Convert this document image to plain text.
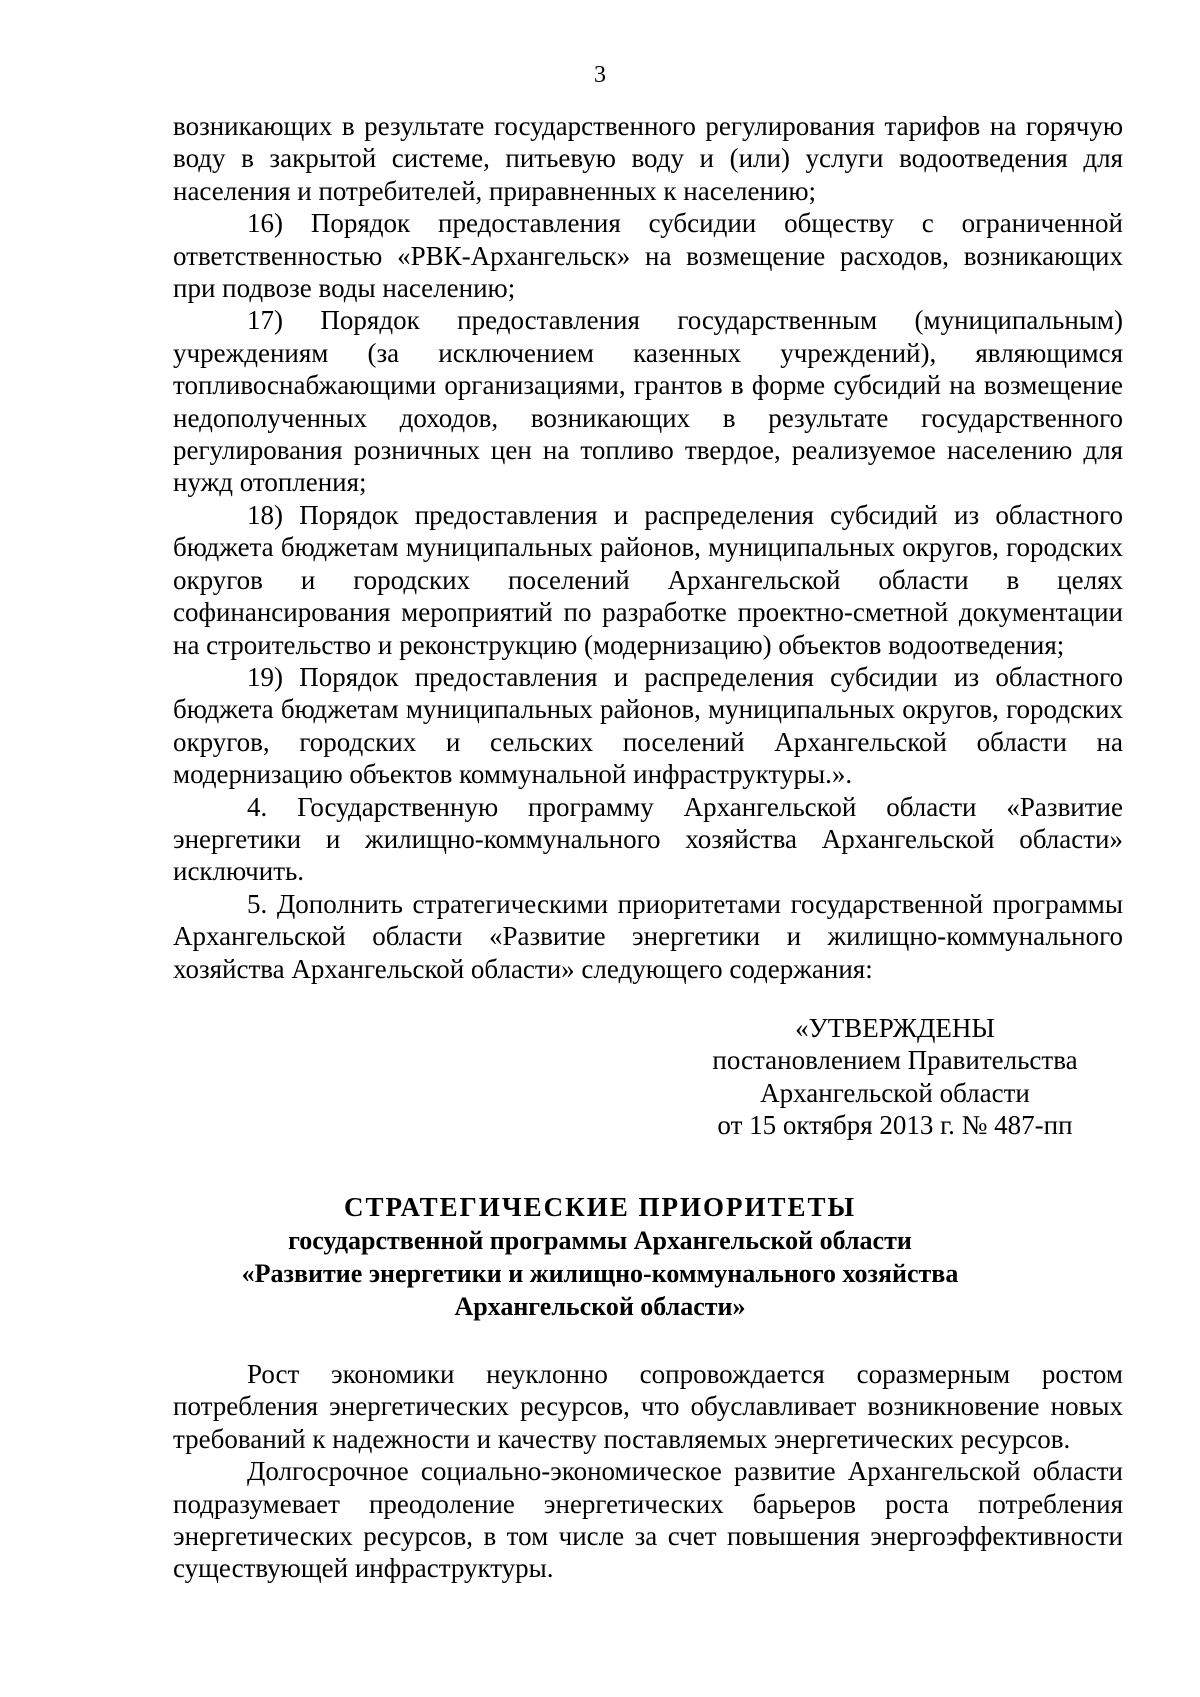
3

возникающих в результате государственного регулирования тарифов на горячую воду в закрытой системе, питьевую воду и (или) услуги водоотведения для населения и потребителей, приравненных к населению;

16) Порядок предоставления субсидии обществу с ограниченной ответственностью «РВК-Архангельск» на возмещение расходов, возникающих при подвозе воды населению;

17) Порядок предоставления государственным (муниципальным) учреждениям (за исключением казенных учреждений), являющимся топливоснабжающими организациями, грантов в форме субсидий на возмещение недополученных доходов, возникающих в результате государственного регулирования розничных цен на топливо твердое, реализуемое населению для нужд отопления;

18) Порядок предоставления и распределения субсидий из областного бюджета бюджетам муниципальных районов, муниципальных округов, городских округов и городских поселений Архангельской области в целях софинансирования мероприятий по разработке проектно-сметной документации на строительство и реконструкцию (модернизацию) объектов водоотведения;

19) Порядок предоставления и распределения субсидии из областного бюджета бюджетам муниципальных районов, муниципальных округов, городских округов, городских и сельских поселений Архангельской области на модернизацию объектов коммунальной инфраструктуры.».

4. Государственную программу Архангельской области «Развитие энергетики и жилищно-коммунального хозяйства Архангельской области» исключить.

5. Дополнить стратегическими приоритетами государственной программы Архангельской области «Развитие энергетики и жилищно-коммунального хозяйства Архангельской области» следующего содержания:

«УТВЕРЖДЕНЫ
постановлением Правительства
Архангельской области
от 15 октября 2013 г. № 487-пп
СТРАТЕГИЧЕСКИЕ ПРИОРИТЕТЫ
государственной программы Архангельской области
«Развитие энергетики и жилищно-коммунального хозяйства
Архангельской области»

Рост экономики неуклонно сопровождается соразмерным ростом потребления энергетических ресурсов, что обуславливает возникновение новых требований к надежности и качеству поставляемых энергетических ресурсов.

Долгосрочное социально-экономическое развитие Архангельской области подразумевает преодоление энергетических барьеров роста потребления энергетических ресурсов, в том числе за счет повышения энергоэффективности существующей инфраструктуры.
